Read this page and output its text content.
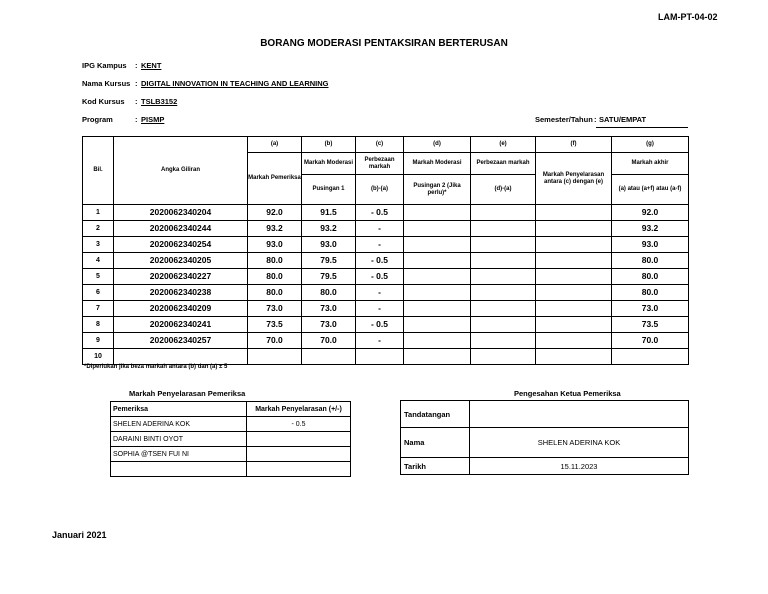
LAM-PT-04-02
BORANG MODERASI PENTAKSIRAN BERTERUSAN
IPG Kampus : KENT
Nama Kursus : DIGITAL INNOVATION IN TEACHING AND LEARNING
Kod Kursus : TSLB3152
Program	: PISMP	Semester/Tahun : SATU/EMPAT
Bil.	Angka Giliran	(a)	(b)	(c)	(d)	(e)	(f)	(g)
		Markah Pemeriksa	Markah Moderasi	Perbezaan markah	Markah Moderasi	Perbezaan markah	Markah Penyelarasan antara (c) dengan (e)	Markah akhir
			Pusingan 1	(b)-(a)	Pusingan 2 (Jika perlu)*	(d)-(a)		(a) atau (a+f) atau (a-f)
1	2020062340204	92.0	91.5	- 0.5				92.0
2	2020062340244	93.2	93.2	-				93.2
3	2020062340254	93.0	93.0	-				93.0
4	2020062340205	80.0	79.5	- 0.5				80.0
5	2020062340227	80.0	79.5	- 0.5				80.0
6	2020062340238	80.0	80.0	-				80.0
7	2020062340209	73.0	73.0	-				73.0
8	2020062340241	73.5	73.0	- 0.5				73.5
9	2020062340257	70.0	70.0	-				70.0
10								
*Diperlukan jika beza markah antara (b) dan (a) ± 5
Markah Penyelarasan Pemeriksa
Pemeriksa	Markah Penyelarasan (+/-)
SHELEN ADERINA KOK	- 0.5
DARAINI BINTI OYOT	
SOPHIA @TSEN FUI NI	

Pengesahan Ketua Pemeriksa
Tandatangan	
Nama	SHELEN ADERINA KOK
Tarikh	15.11.2023
Januari 2021
